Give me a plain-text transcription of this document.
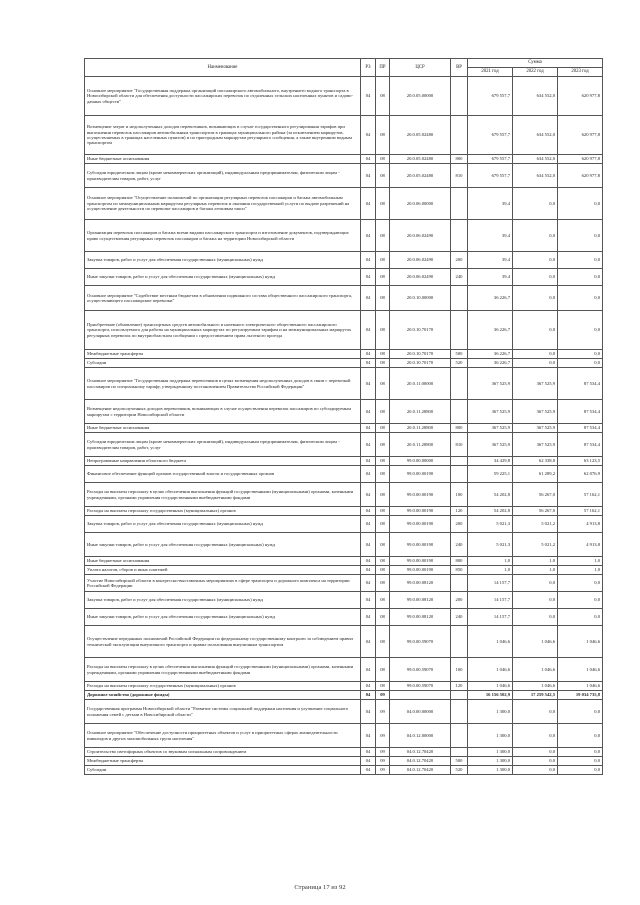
Наименование	РЗ	ПР	ЦСР	ВР	Сумма		
					2021 год	2022 год	2023 год
Основное мероприятие "Государственная поддержка организаций пассажирского автомобильного, внутреннего водного транспорта в Новосибирской области для обеспечения доступности пассажирских перевозок по отдаленных сельских населенных пунктов и садово-дачных обществ"	04	08	20.0.05.00000		679 557,7	634 552,0	620 977,8
Возмещение затрат и недополученных доходов перевозчиков, возникающих в случае государственного регулирования тарифов при выполнении перевозок пассажиров автомобильным транспортом в границах муниципального района (за исключением маршрутов, осуществляемых в границах населенных пунктов) и по пригородным маршрутам регулярного сообщения, а также внутренним водным транспортом	04	08	20.0.05.02480		679 557,7	634 552,0	620 977,8
Иные бюджетные ассигнования	04	08	20.0.05.02480	800	679 557,7	634 552,0	620 977,8
Субсидии юридическим лицам (кроме некоммерческих организаций), индивидуальным предпринимателям, физическим лицам - производителям товаров, работ, услуг	04	08	20.0.05.02480	810	679 557,7	634 552,0	620 977,8
Основное мероприятие "Осуществление полномочий по организации регулярных перевозок пассажиров и багажа автомобильным транспортом по межмуниципальным маршрутам регулярных перевозок и оказания государственной услуги по выдаче разрешений на осуществление деятельности по перевозке пассажиров и багажа легковым такси"	04	08	20.0.06.00000		39,4	0,0	0,0
Организация перевозок пассажиров и багажа всеми видами пассажирского транспорта и изготовление документов, подтверждающих право осуществления регулярных перевозок пассажиров и багажа на территории Новосибирской области	04	08	20.0.06.02490		39,4	0,0	0,0
Закупка товаров, работ и услуг для обеспечения государственных (муниципальных) нужд	04	08	20.0.06.02490	200	39,4	0,0	0,0
Иные закупки товаров, работ и услуг для обеспечения государственных (муниципальных) нужд	04	08	20.0.06.02490	240	39,4	0,0	0,0
Основное мероприятие "Содействие местным бюджетам в обновлении подвижного состава общественного пассажирского транспорта, осуществляющего пассажирские перевозки"	04	08	20.0.10.00000		36 226,7	0,0	0,0
Приобретение (обновление) транспортных средств автомобильного и наземного электрического общественного пассажирского транспорта, используемого для работы на муниципальных маршрутах по регулируемым тарифам и на межмуниципальных маршрутах регулярных перевозок по внутриобластном сообщении с предоставлением права льготного проезда	04	08	20.0.10.70170		36 226,7	0,0	0,0
Межбюджетные трансферты	04	08	20.0.10.70170	500	36 226,7	0,0	0,0
Субсидии	04	08	20.0.10.70170	520	36 226,7	0,0	0,0
Основное мероприятие "Государственная поддержка перевозчиков в целях возмещения недополученных доходов в связи с перевозкой пассажиров по специальному тарифу, утвержденному постановлением Правительства Российской Федерации"	04	08	20.0.11.00000		367 525,9	367 525,9	87 534,4
Возмещение недополученных доходов перевозчиков, возникающих в случае осуществления перевозок пассажиров по субсидируемым маршрутам с территории Новосибирской области	04	08	20.0.11.28800		367 525,9	367 525,9	87 534,4
Иные бюджетные ассигнования	04	08	20.0.11.28800	800	367 525,9	367 525,9	87 534,4
Субсидии юридическим лицам (кроме некоммерческих организаций), индивидуальным предпринимателям, физическим лицам - производителям товаров, работ, услуг	04	08	20.0.11.28800	810	367 525,9	367 525,9	87 534,4
Непрограммные направления областного бюджета	04	08	99.0.00.00000		34 429,8	62 338,8	63 123,5
Финансовое обеспечение функций органов государственной власти и государственных органов	04	08	99.0.00.00190		59 225,1	61 289,2	62 076,9
Расходы на выплаты персоналу в целях обеспечения выполнения функций государственными (муниципальными) органами, казенными учреждениями, органами управления государственными внебюджетными фондами	04	08	99.0.00.00190	100	54 202,8	56 267,0	57 162,1
Расходы на выплаты персоналу государственных (муниципальных) органов	04	08	99.0.00.00190	120	54 202,8	56 267,0	57 162,1
Закупка товаров, работ и услуг для обеспечения государственных (муниципальных) нужд	04	08	99.0.00.00190	200	5 021,3	5 021,2	4 913,8
Иные закупки товаров, работ и услуг для обеспечения государственных (муниципальных) нужд	04	08	99.0.00.00190	240	5 021,3	5 021,2	4 913,8
Иные бюджетные ассигнования	04	08	99.0.00.00190	800	1,0	1,0	1,0
Уплата налогов, сборов и иных платежей	04	08	99.0.00.00190	850	1,0	1,0	1,0
Участие Новосибирской области в конгрессно-выставочных мероприятиях в сфере транспорта и дорожного комплекса на территории Российской Федерации	04	08	99.0.00.08120		14 157,7	0,0	0,0
Закупка товаров, работ и услуг для обеспечения государственных (муниципальных) нужд	04	08	99.0.00.08120	200	14 157,7	0,0	0,0
Иные закупки товаров, работ и услуг для обеспечения государственных (муниципальных) нужд	04	08	99.0.00.08120	240	14 157,7	0,0	0,0
Осуществление переданных полномочий Российской Федерации по федеральному государственному контролю за соблюдением правил технической эксплуатации внеуличного транспорта и правил пользования внеуличным транспортом	04	08	99.0.00.59070		1 046,6	1 046,6	1 046,6
Расходы на выплаты персоналу в целях обеспечения выполнения функций государственными (муниципальными) органами, казенными учреждениями, органами управления государственными внебюджетными фондами	04	08	99.0.00.59070	100	1 046,6	1 046,6	1 046,6
Расходы на выплаты персоналу государственных (муниципальных) органов	04	08	99.0.00.59070	120	1 046,6	1 046,6	1 046,6
Дорожное хозяйство (дорожные фонды)	04	09			16 156 502,9	17 259 542,5	19 034 735,8
Государственная программа Новосибирской области "Развитие системы социальной поддержки населения и улучшение социального положения семей с детьми в Новосибирской области"	04	09	04.0.00.00000		1 300,0	0,0	0,0
Основное мероприятие "Обеспечение доступности приоритетных объектов и услуг в приоритетных сферах жизнедеятельности инвалидов и других маломобильных групп населения"	04	09	04.0.12.00000		1 300,0	0,0	0,0
Строительство светофорных объектов со звуковым сигнальным сопровождением	04	09	04.0.12.70420		1 300,0	0,0	0,0
Межбюджетные трансферты	04	09	04.0.12.70420	500	1 300,0	0,0	0,0
Субсидии	04	09	04.0.12.70420	520	1 300,0	0,0	0,0
Страница 17 из 92
